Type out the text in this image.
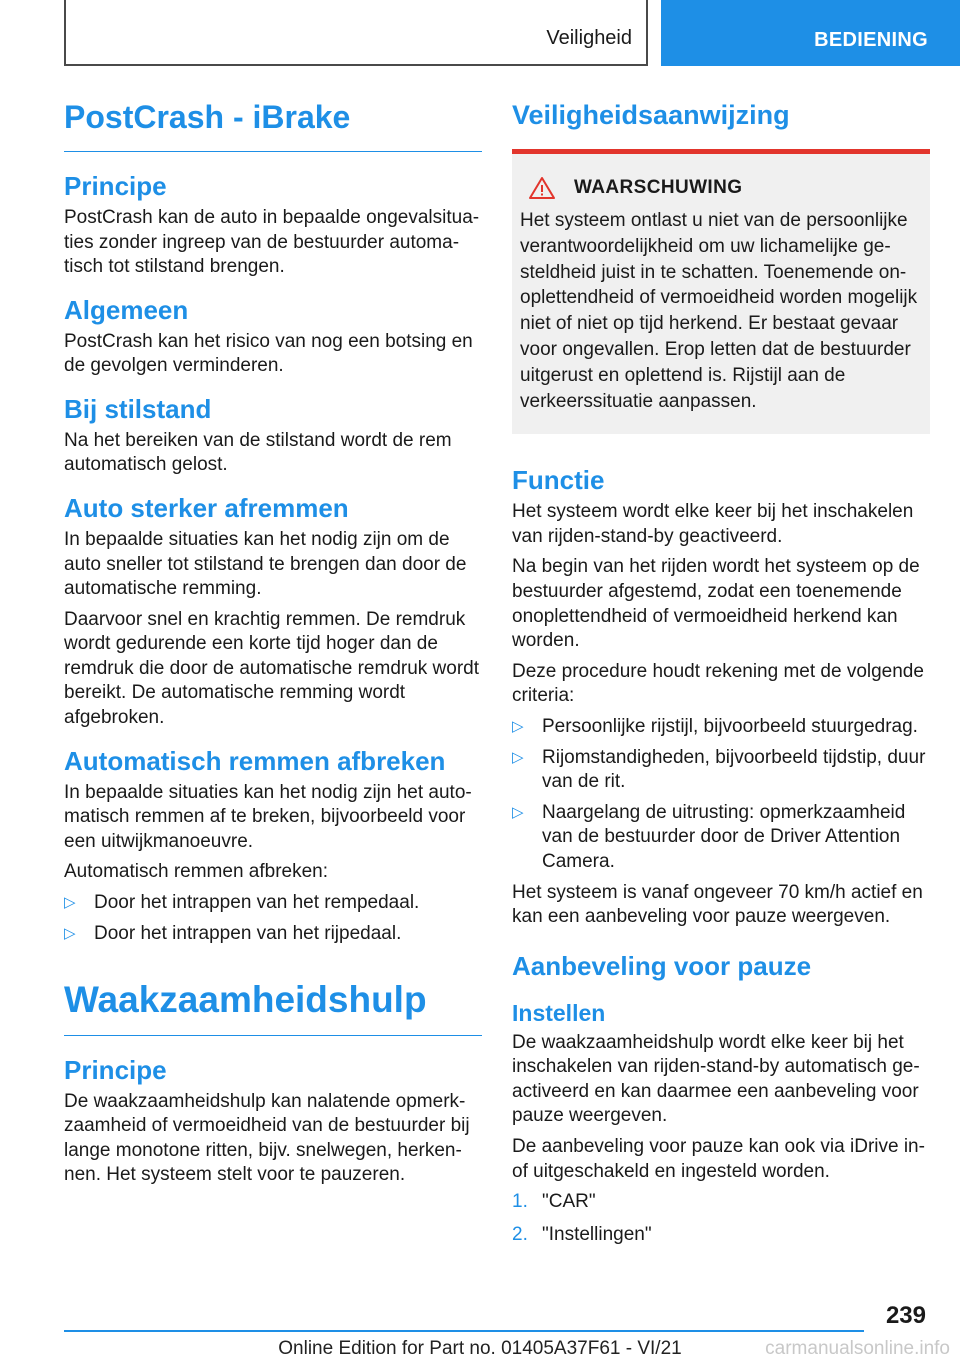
Veiligheid	BEDIENING
PostCrash - iBrake
Principe

PostCrash kan de auto in bepaalde ongevalsituaties zonder ingreep van de bestuurder automatisch tot stilstand brengen.

Algemeen

PostCrash kan het risico van nog een botsing en de gevolgen verminderen.

Bij stilstand

Na het bereiken van de stilstand wordt de rem automatisch gelost.

Auto sterker afremmen

In bepaalde situaties kan het nodig zijn om de auto sneller tot stilstand te brengen dan door de automatische remming.

Daarvoor snel en krachtig remmen. De remdruk wordt gedurende een korte tijd hoger dan de remdruk die door de automatische remdruk wordt bereikt. De automatische remming wordt afgebroken.

Automatisch remmen afbreken

In bepaalde situaties kan het nodig zijn het automatisch remmen af te breken, bijvoorbeeld voor een uitwijkmanoeuvre.

Automatisch remmen afbreken:

▷ Door het intrappen van het rempedaal.
▷ Door het intrappen van het rijpedaal.
Waakzaamheidshulp
Principe

De waakzaamheidshulp kan nalatende opmerkzaamheid of vermoeidheid van de bestuurder bij lange monotone ritten, bijv. snelwegen, herkennen. Het systeem stelt voor te pauzeren.

Veiligheidsaanwijzing
WAARSCHUWING

Het systeem ontlast u niet van de persoonlijke verantwoordelijkheid om uw lichamelijke gesteldheid juist in te schatten. Toenemende onoplettendheid of vermoeidheid worden mogelijk niet of niet op tijd herkend. Er bestaat gevaar voor ongevallen. Erop letten dat de bestuurder uitgerust en oplettend is. Rijstijl aan de verkeerssituatie aanpassen.

Functie

Het systeem wordt elke keer bij het inschakelen van rijden-stand-by geactiveerd.

Na begin van het rijden wordt het systeem op de bestuurder afgestemd, zodat een toenemende onoplettendheid of vermoeidheid herkend kan worden.

Deze procedure houdt rekening met de volgende criteria:

▷ Persoonlijke rijstijl, bijvoorbeeld stuurgedrag.
▷ Rijomstandigheden, bijvoorbeeld tijdstip, duur van de rit.
▷ Naargelang de uitrusting: opmerkzaamheid van de bestuurder door de Driver Attention Camera.

Het systeem is vanaf ongeveer 70 km/h actief en kan een aanbeveling voor pauze weergeven.

Aanbeveling voor pauze
Instellen

De waakzaamheidshulp wordt elke keer bij het inschakelen van rijden-stand-by automatisch geactiveerd en kan daarmee een aanbeveling voor pauze weergeven.

De aanbeveling voor pauze kan ook via iDrive in- of uitgeschakeld en ingesteld worden.

1. "CAR"
2. "Instellingen"
239
Online Edition for Part no. 01405A37F61 - VI/21	carmanualsonline.info
